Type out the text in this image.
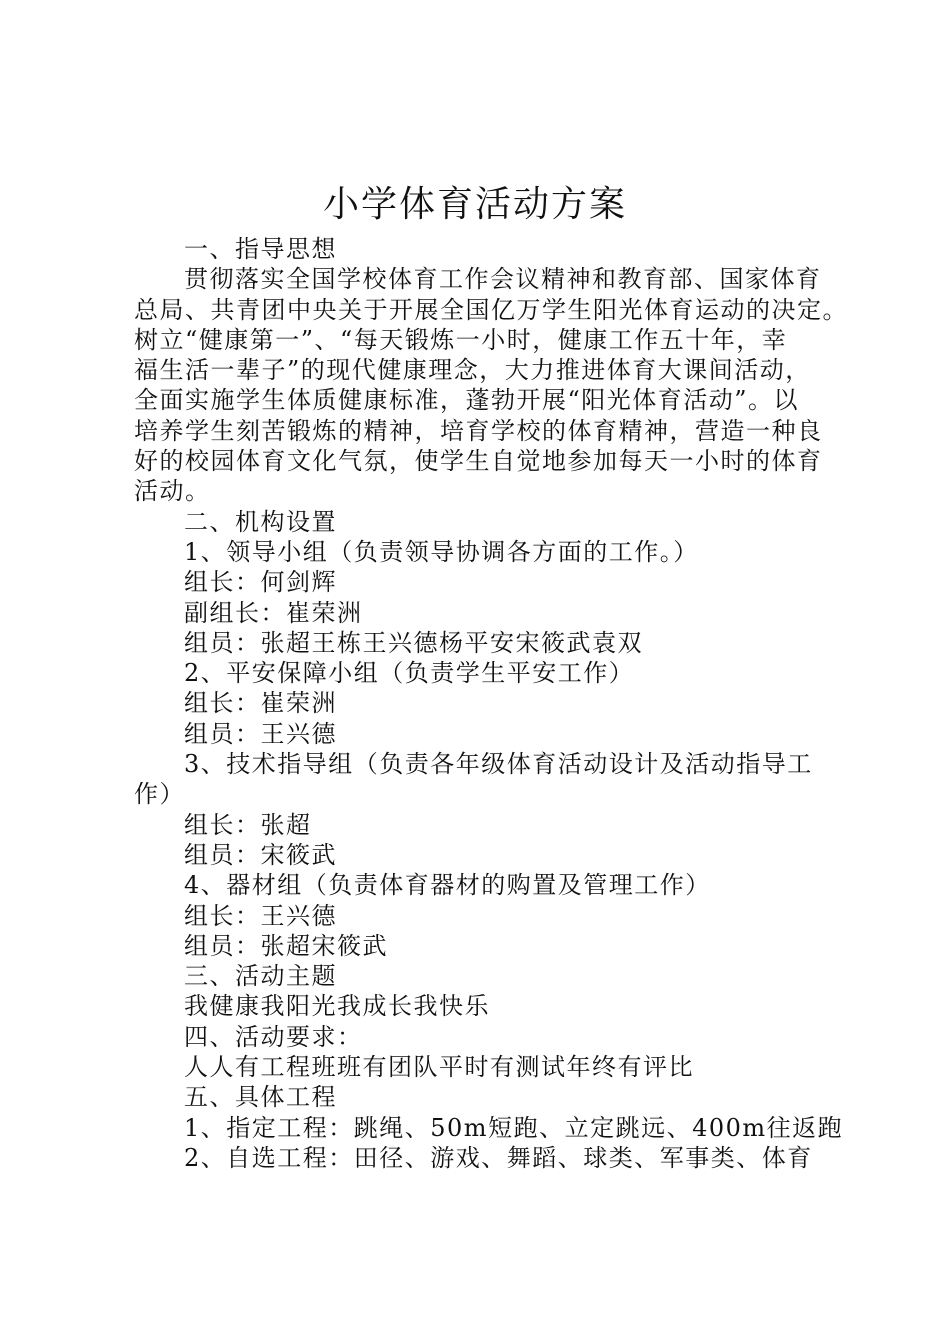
小学体育活动方案
一、指导思想
贯彻落实全国学校体育工作会议精神和教育部、国家体育
总局、共青团中央关于开展全国亿万学生阳光体育运动的决定。
树立“健康第一”、“每天锻炼一小时，健康工作五十年，幸
福生活一辈子”的现代健康理念，大力推进体育大课间活动，
全面实施学生体质健康标准，蓬勃开展“阳光体育活动”。以
培养学生刻苦锻炼的精神，培育学校的体育精神，营造一种良
好的校园体育文化气氛，使学生自觉地参加每天一小时的体育
活动。
二、机构设置
1、领导小组（负责领导协调各方面的工作。）
组长：何剑辉
副组长：崔荣洲
组员：张超王栋王兴德杨平安宋筱武袁双
2、平安保障小组（负责学生平安工作）
组长：崔荣洲
组员：王兴德
3、技术指导组（负责各年级体育活动设计及活动指导工
作）
组长：张超
组员：宋筱武
4、器材组（负责体育器材的购置及管理工作）
组长：王兴德
组员：张超宋筱武
三、活动主题
我健康我阳光我成长我快乐
四、活动要求：
人人有工程班班有团队平时有测试年终有评比
五、具体工程
1、指定工程：跳绳、50m短跑、立定跳远、400m往返跑
2、自选工程：田径、游戏、舞蹈、球类、军事类、体育
